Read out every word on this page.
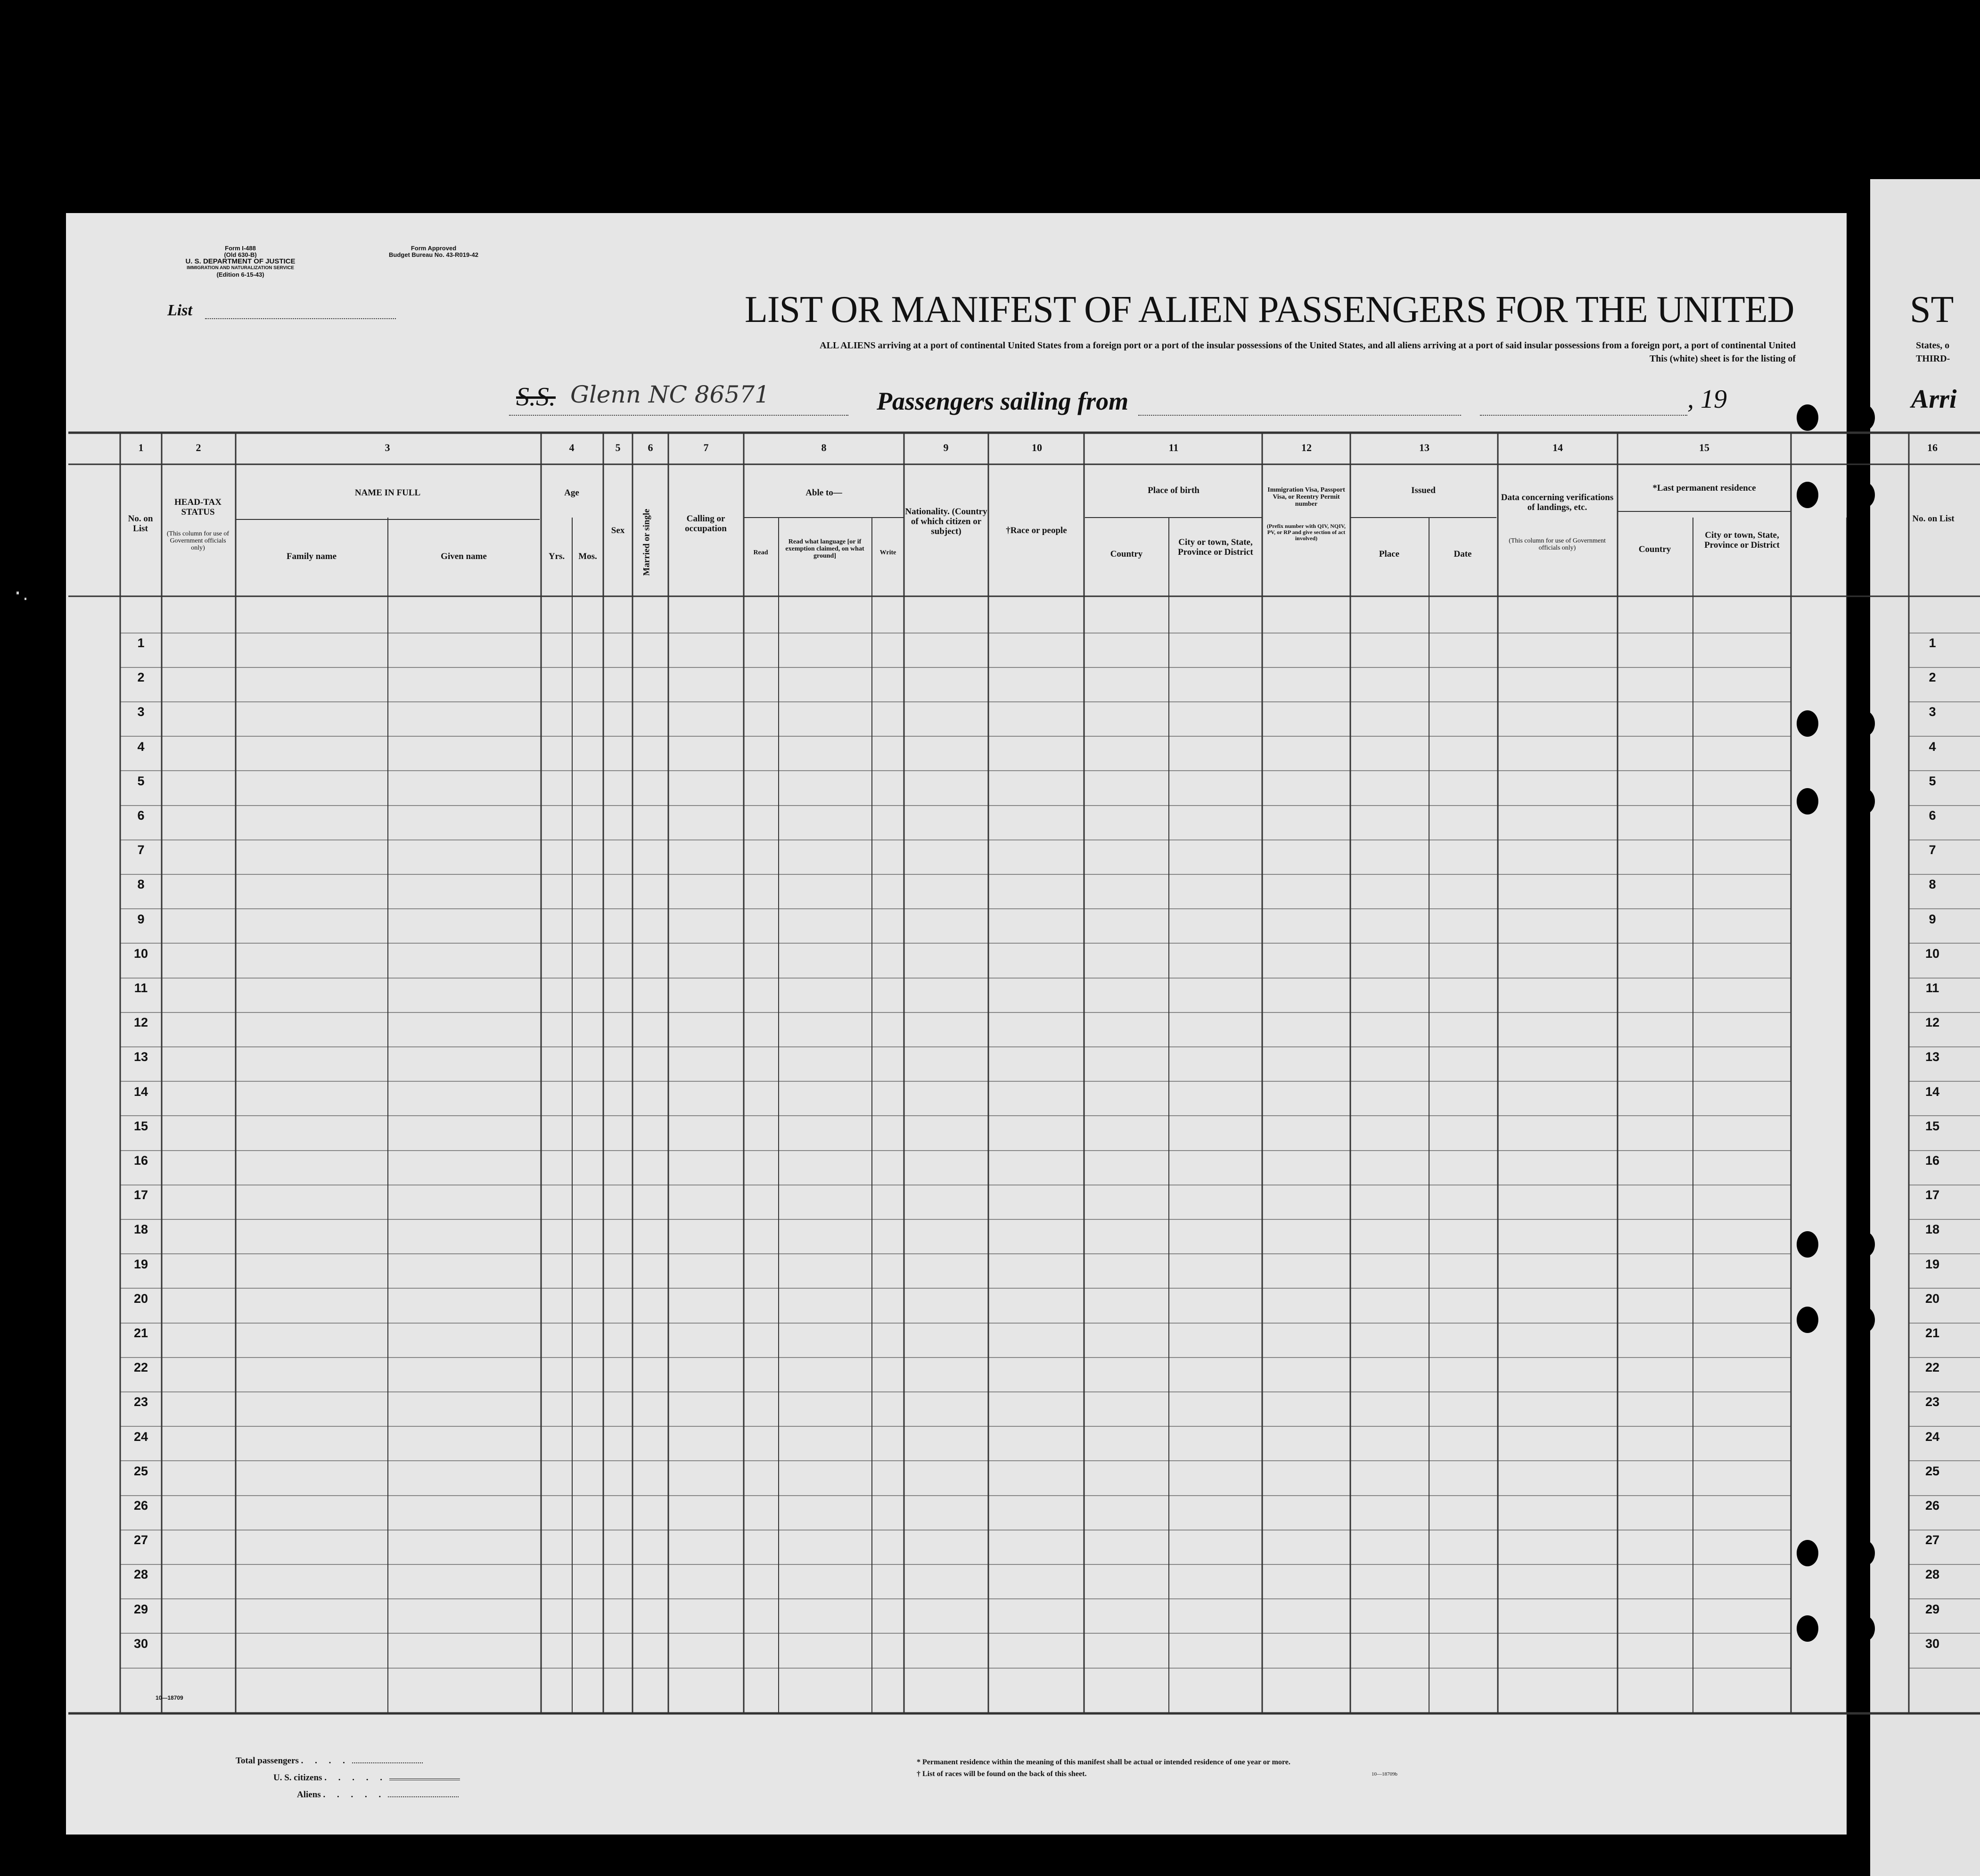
Form I-488
(Old 630-B)
U. S. DEPARTMENT OF JUSTICE
IMMIGRATION AND NATURALIZATION SERVICE
(Edition 6-15-43)
Form Approved
Budget Bureau No. 43-R019-42
List	LIST OR MANIFEST OF ALIEN PASSENGERS FOR THE UNITED	ST
ALL ALIENS arriving at a port of continental United States from a foreign port or a port of the insular possessions of the United States, and all aliens arriving at a port of said insular possessions from a foreign port, a port of continental United
This (white) sheet is for the listing of
States, o
THIRD-
S.S. Glenn NC 86571	Passengers sailing from	, 19	Arri
1	2	3	4	5	6	7	8	9	10	11	12	13	14	15	16
No. on List
HEAD-TAX STATUS
(This column for use of Government officials only)
NAME IN FULL
Family name	Given name
Age
Yrs.	Mos.
Sex	Married or single	Calling or occupation
Able to—
Read
Read what language [or if exemption claimed, on what ground]	Write
Nationality. (Country of which citizen or subject)	†Race or people
Place of birth
Country
City or town, State, Province or District
Immigration Visa, Passport Visa, or Reentry Permit number
(Prefix number with QIV, NQIV, PV, or RP and give section of act involved)
Issued
Place	Date
Data concerning verifications of landings, etc.
(This column for use of Government officials only)
*Last permanent residence
Country
City or town, State, Province or District
No. on List
1	1
2	2
3	3
4	4
5	5
6	6
7	7
8	8
9	9
10	10
11	11
12	12
13	13
14	14
15	15
16	16
17	17
18	18
19	19
20	20
21	21
22	22
23	23
24	24
25	25
26	26
27	27
28	28
29	29
30	30
10—18709
Total passengers . . . .
U. S. citizens . . . . .
Aliens . . . . .
* Permanent residence within the meaning of this manifest shall be actual or intended residence of one year or more.
† List of races will be found on the back of this sheet.	10—18709b
